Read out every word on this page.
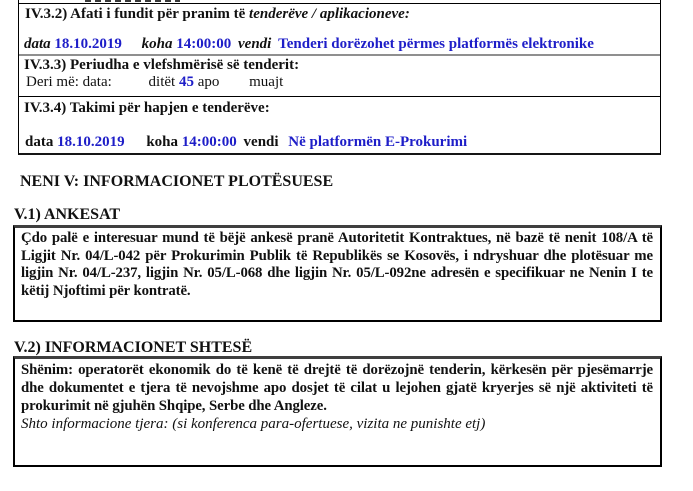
IV.3.2) Afati i fundit për pranim të tenderëve / aplikacioneve:
data 18.10.2019 koha 14:00:00 vendi Tenderi dorëzohet përmes platformës elektronike
IV.3.3) Periudha e vlefshmërisë së tenderit:
Deri më: data: ditët 45 apo muajt
IV.3.4) Takimi për hapjen e tenderëve:
data 18.10.2019 koha 14:00:00 vendi Në platformën E-Prokurimi
NENI V: INFORMACIONET PLOTËSUESE
V.1) ANKESAT

Çdo palë e interesuar mund të bëjë ankesë pranë Autoritetit Kontraktues, në bazë të nenit 108/A të Ligjit Nr. 04/L-042 për Prokurimin Publik të Republikës se Kosovës, i ndryshuar dhe plotësuar me ligjin Nr. 04/L-237, ligjin Nr. 05/L-068 dhe ligjin Nr. 05/L-092ne adresën e specifikuar ne Nenin I te këtij Njoftimi për kontratë.

V.2) INFORMACIONET SHTESË

Shënim: operatorët ekonomik do të kenë të drejtë të dorëzojnë tenderin, kërkesën për pjesëmarrje dhe dokumentet e tjera të nevojshme apo dosjet të cilat u lejohen gjatë kryerjes së një aktiviteti të prokurimit në gjuhën Shqipe, Serbe dhe Angleze.

Shto informacione tjera: (si konferenca para-ofertuese, vizita ne punishte etj)
